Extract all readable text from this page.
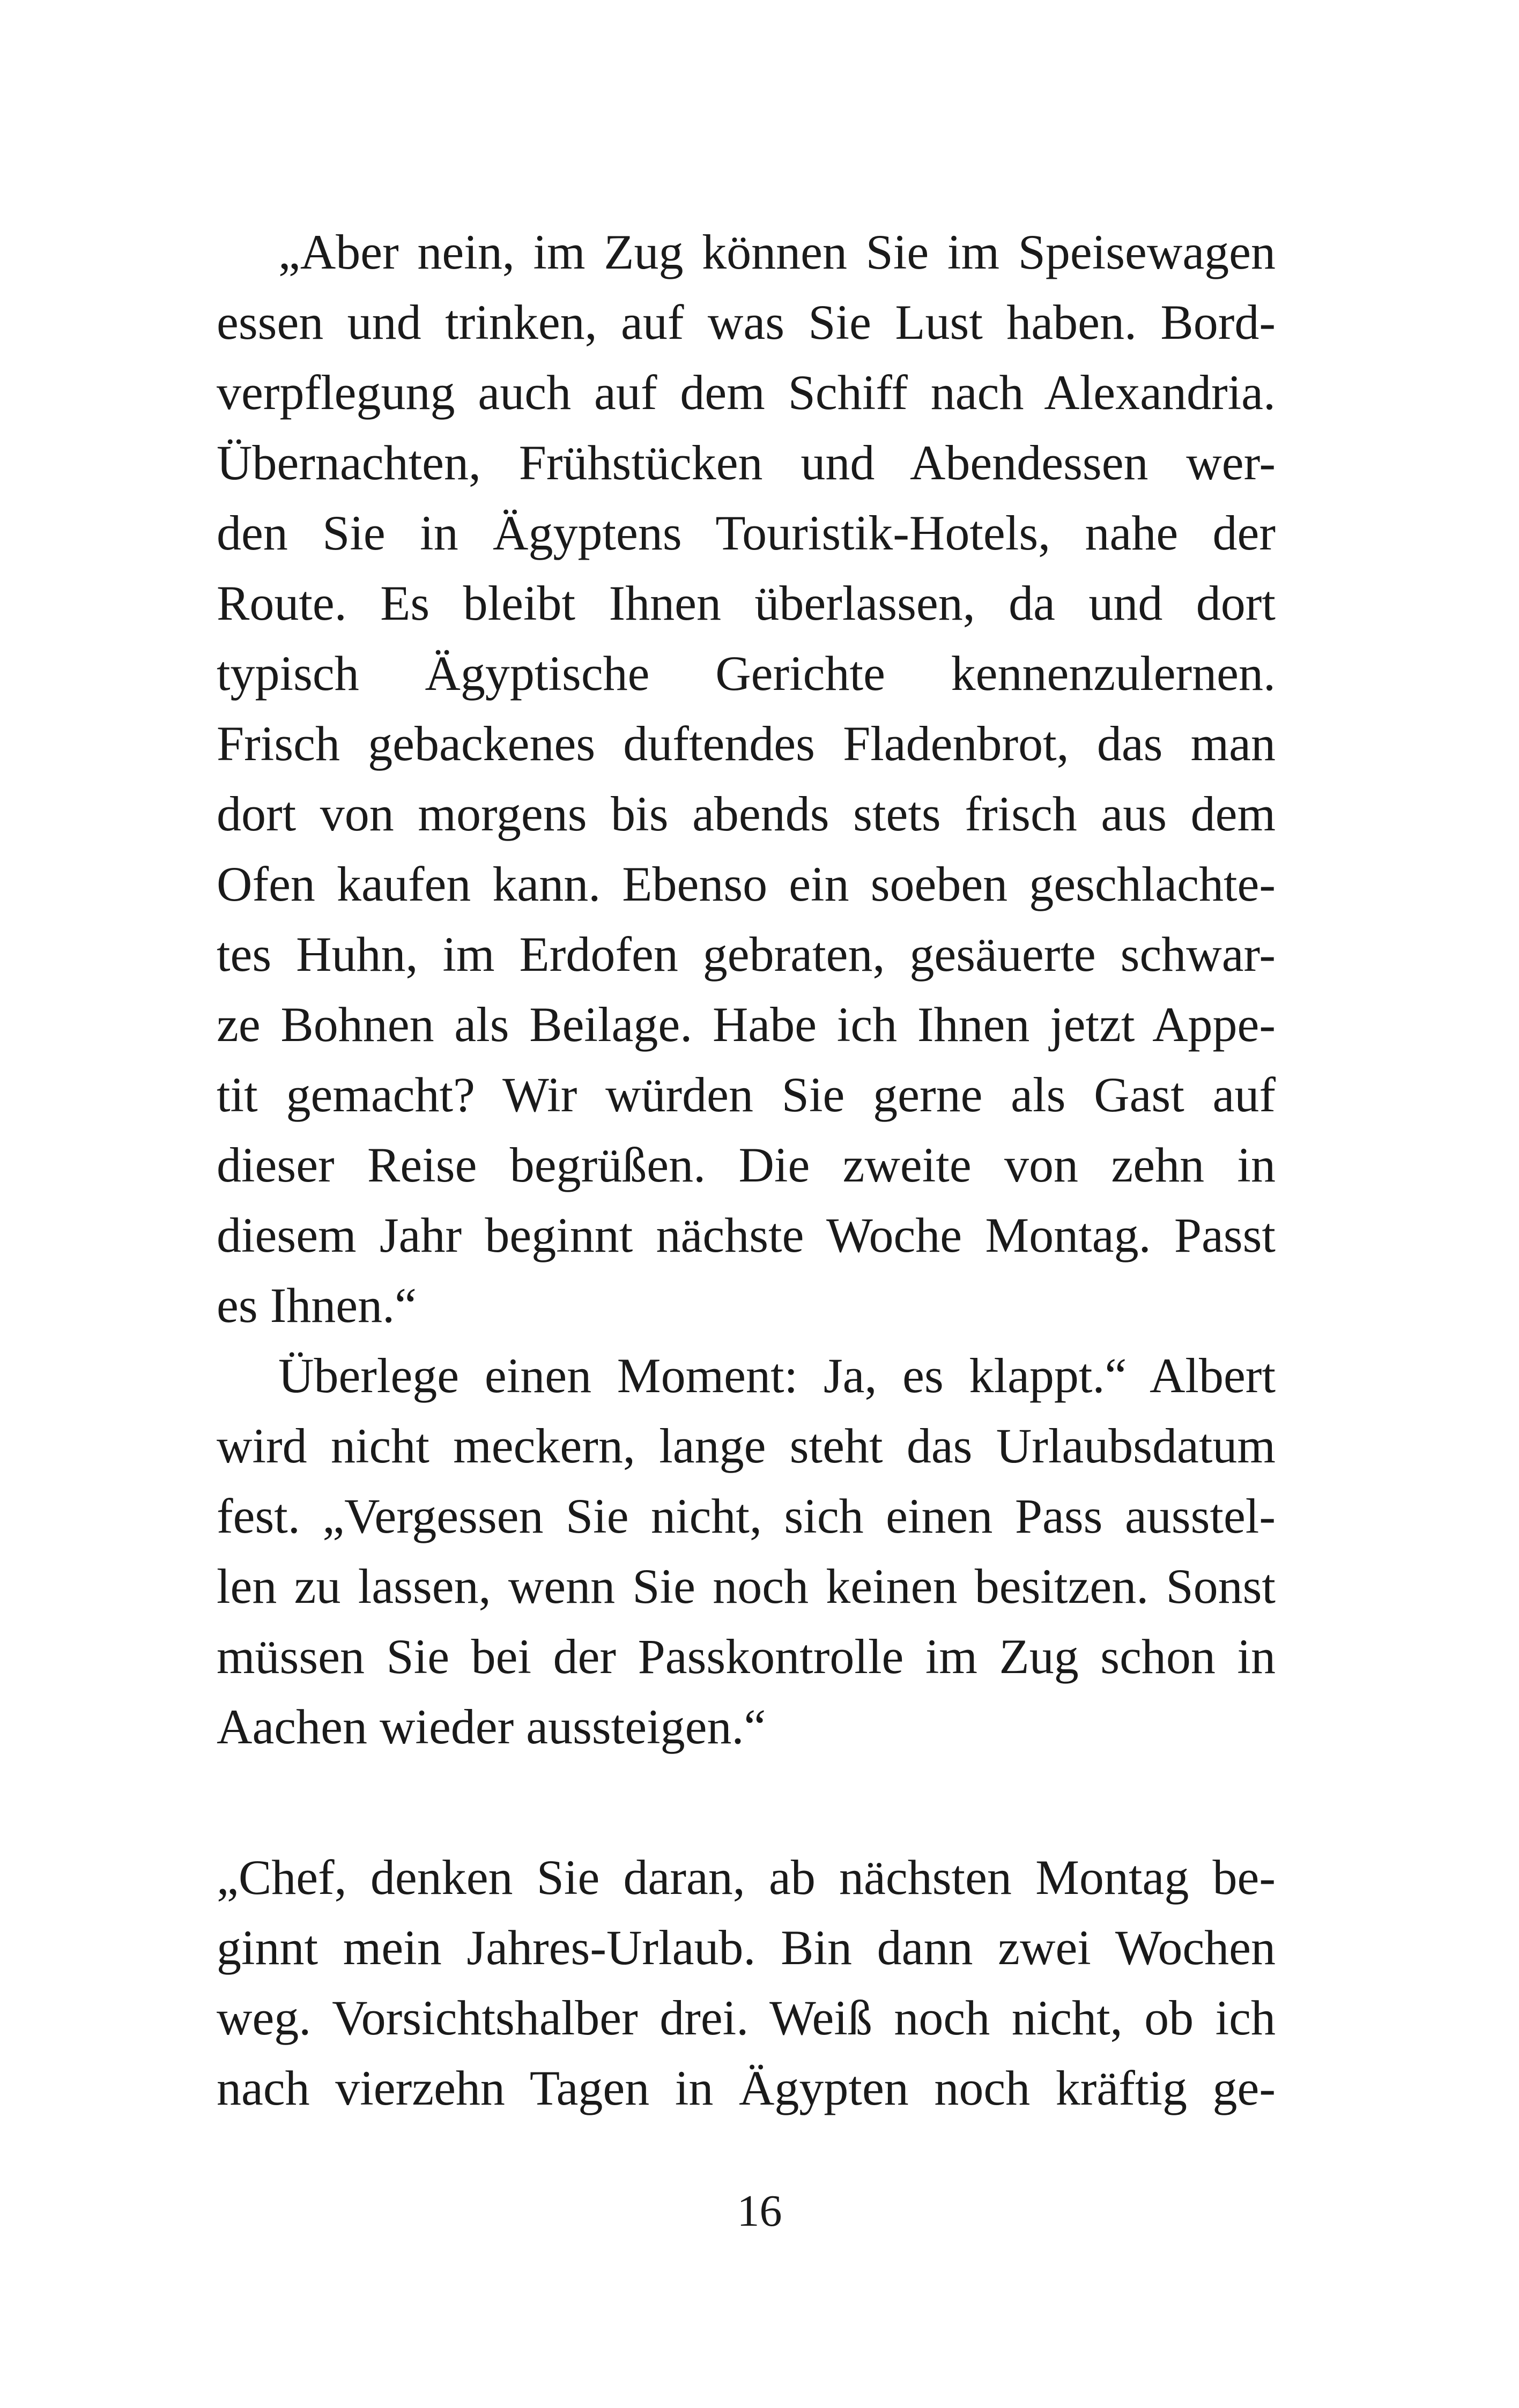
„Aber nein, im Zug können Sie im Speisewagen
essen und trinken, auf was Sie Lust haben. Bord-
verpflegung auch auf dem Schiff nach Alexandria.
Übernachten, Frühstücken und Abendessen wer-
den Sie in Ägyptens Touristik-Hotels, nahe der
Route. Es bleibt Ihnen überlassen, da und dort
typisch Ägyptische Gerichte kennenzulernen.
Frisch gebackenes duftendes Fladenbrot, das man
dort von morgens bis abends stets frisch aus dem
Ofen kaufen kann. Ebenso ein soeben geschlachte-
tes Huhn, im Erdofen gebraten, gesäuerte schwar-
ze Bohnen als Beilage. Habe ich Ihnen jetzt Appe-
tit gemacht? Wir würden Sie gerne als Gast auf
dieser Reise begrüßen. Die zweite von zehn in
diesem Jahr beginnt nächste Woche Montag. Passt
es Ihnen.“
Überlege einen Moment: Ja, es klappt.“ Albert
wird nicht meckern, lange steht das Urlaubsdatum
fest. „Vergessen Sie nicht, sich einen Pass ausstel-
len zu lassen, wenn Sie noch keinen besitzen. Sonst
müssen Sie bei der Passkontrolle im Zug schon in
Aachen wieder aussteigen.“
„Chef, denken Sie daran, ab nächsten Montag be-
ginnt mein Jahres-Urlaub. Bin dann zwei Wochen
weg. Vorsichtshalber drei. Weiß noch nicht, ob ich
nach vierzehn Tagen in Ägypten noch kräftig ge-
16
